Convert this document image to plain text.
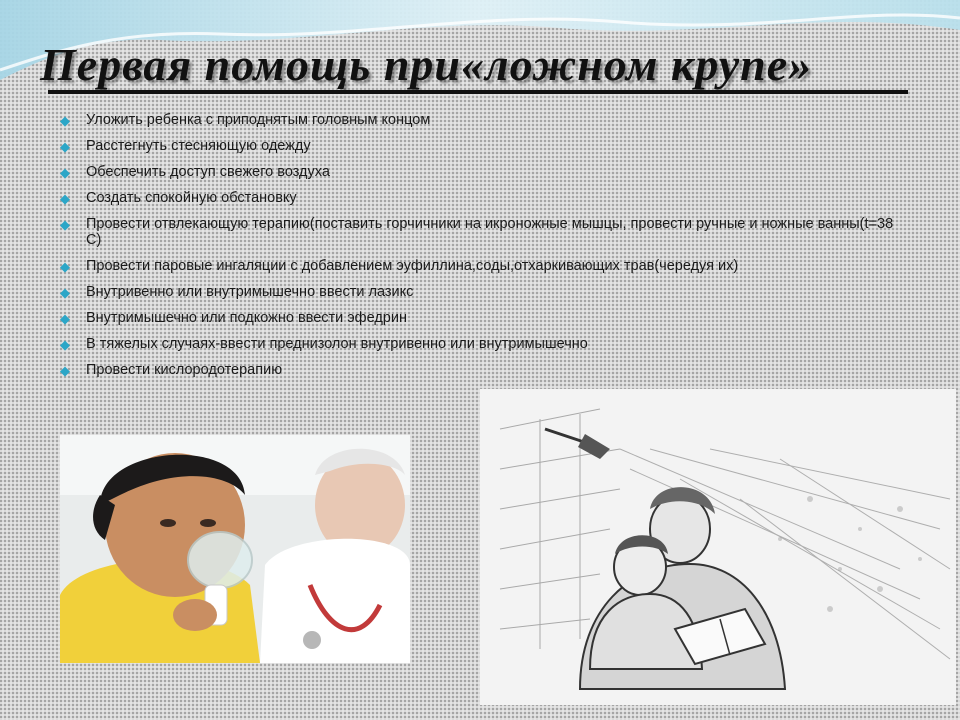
Первая помощь при«ложном крупе»
◆ Уложить ребенка с приподнятым головным концом
◆ Расстегнуть стесняющую одежду
◆ Обеспечить доступ свежего воздуха
◆ Создать спокойную обстановку
◆ Провести отвлекающую терапию(поставить горчичники на икроножные мышцы, провести ручные и ножные ванны(t=38 С)
◆ Провести паровые ингаляции с добавлением эуфиллина,соды,отхаркивающих трав(чередуя их)
◆ Внутривенно или внутримышечно ввести лазикс
◆ Внутримышечно или подкожно ввести эфедрин
◆ В тяжелых случаях-ввести преднизолон внутривенно или внутримышечно
◆ Провести кислородотерапию
